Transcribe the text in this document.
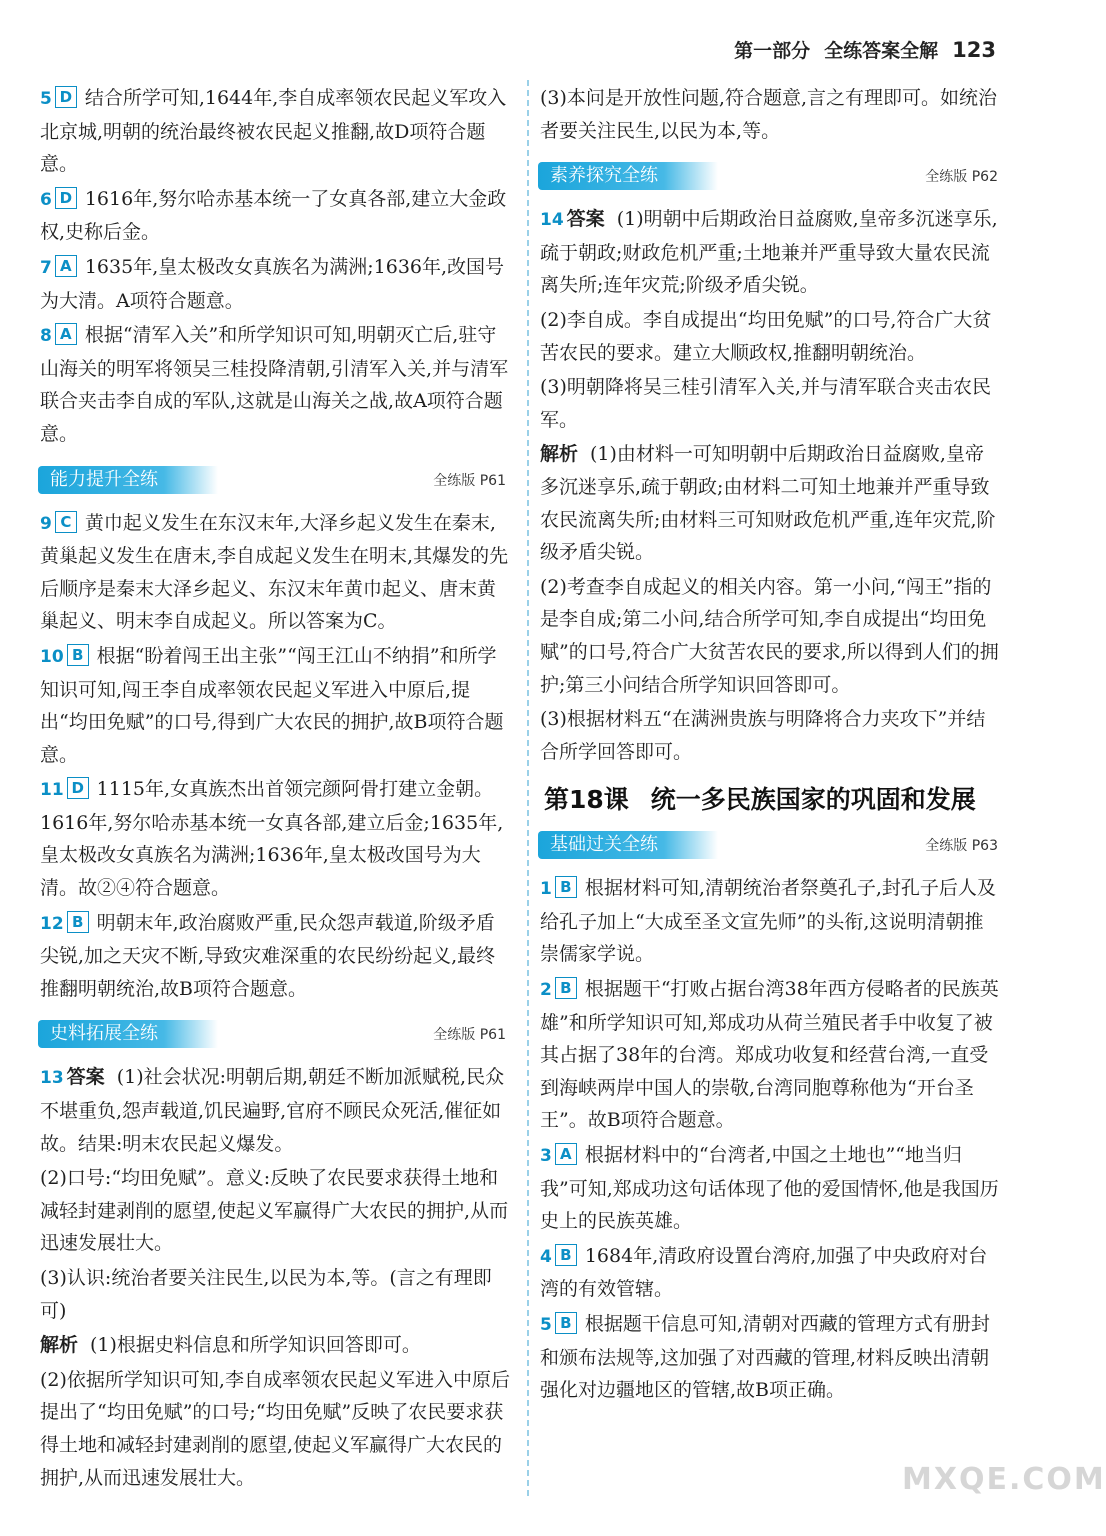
第一部分 全练答案全解 123

5 D 结合所学可知,1644年,李自成率领农民起义军攻入北京城,明朝的统治最终被农民起义推翻,故D项符合题意。

6 D 1616年,努尔哈赤基本统一了女真各部,建立大金政权,史称后金。

7 A 1635年,皇太极改女真族名为满洲;1636年,改国号为大清。A项符合题意。

8 A 根据“清军入关”和所学知识可知,明朝灭亡后,驻守山海关的明军将领吴三桂投降清朝,引清军入关,并与清军联合夹击李自成的军队,这就是山海关之战,故A项符合题意。

能力提升全练	全练版 P61

9 C 黄巾起义发生在东汉末年,大泽乡起义发生在秦末,黄巢起义发生在唐末,李自成起义发生在明末,其爆发的先后顺序是秦末大泽乡起义、东汉末年黄巾起义、唐末黄巢起义、明末李自成起义。所以答案为C。

10 B 根据“盼着闯王出主张”“闯王江山不纳捐”和所学知识可知,闯王李自成率领农民起义军进入中原后,提出“均田免赋”的口号,得到广大农民的拥护,故B项符合题意。

11 D 1115年,女真族杰出首领完颜阿骨打建立金朝。1616年,努尔哈赤基本统一女真各部,建立后金;1635年,皇太极改女真族名为满洲;1636年,皇太极改国号为大清。故②④符合题意。

12 B 明朝末年,政治腐败严重,民众怨声载道,阶级矛盾尖锐,加之天灾不断,导致灾难深重的农民纷纷起义,最终推翻明朝统治,故B项符合题意。

史料拓展全练	全练版 P61

13 答案 (1)社会状况:明朝后期,朝廷不断加派赋税,民众不堪重负,怨声载道,饥民遍野,官府不顾民众死活,催征如故。结果:明末农民起义爆发。

(2)口号:“均田免赋”。意义:反映了农民要求获得土地和减轻封建剥削的愿望,使起义军赢得广大农民的拥护,从而迅速发展壮大。

(3)认识:统治者要关注民生,以民为本,等。(言之有理即可)

解析 (1)根据史料信息和所学知识回答即可。

(2)依据所学知识可知,李自成率领农民起义军进入中原后提出了“均田免赋”的口号;“均田免赋”反映了农民要求获得土地和减轻封建剥削的愿望,使起义军赢得广大农民的拥护,从而迅速发展壮大。

(3)本问是开放性问题,符合题意,言之有理即可。如统治者要关注民生,以民为本,等。

素养探究全练	全练版 P62

14 答案 (1)明朝中后期政治日益腐败,皇帝多沉迷享乐,疏于朝政;财政危机严重;土地兼并严重导致大量农民流离失所;连年灾荒;阶级矛盾尖锐。

(2)李自成。李自成提出“均田免赋”的口号,符合广大贫苦农民的要求。建立大顺政权,推翻明朝统治。

(3)明朝降将吴三桂引清军入关,并与清军联合夹击农民军。

解析 (1)由材料一可知明朝中后期政治日益腐败,皇帝多沉迷享乐,疏于朝政;由材料二可知土地兼并严重导致农民流离失所;由材料三可知财政危机严重,连年灾荒,阶级矛盾尖锐。

(2)考查李自成起义的相关内容。第一小问,“闯王”指的是李自成;第二小问,结合所学可知,李自成提出“均田免赋”的口号,符合广大贫苦农民的要求,所以得到人们的拥护;第三小问结合所学知识回答即可。

(3)根据材料五“在满洲贵族与明降将合力夹攻下”并结合所学回答即可。

第18课 统一多民族国家的巩固和发展
基础过关全练	全练版 P63

1 B 根据材料可知,清朝统治者祭奠孔子,封孔子后人及给孔子加上“大成至圣文宣先师”的头衔,这说明清朝推崇儒家学说。

2 B 根据题干“打败占据台湾38年西方侵略者的民族英雄”和所学知识可知,郑成功从荷兰殖民者手中收复了被其占据了38年的台湾。郑成功收复和经营台湾,一直受到海峡两岸中国人的崇敬,台湾同胞尊称他为“开台圣王”。故B项符合题意。

3 A 根据材料中的“台湾者,中国之土地也”“地当归我”可知,郑成功这句话体现了他的爱国情怀,他是我国历史上的民族英雄。

4 B 1684年,清政府设置台湾府,加强了中央政府对台湾的有效管辖。

5 B 根据题干信息可知,清朝对西藏的管理方式有册封和颁布法规等,这加强了对西藏的管理,材料反映出清朝强化对边疆地区的管辖,故B项正确。

MXQE.COM
